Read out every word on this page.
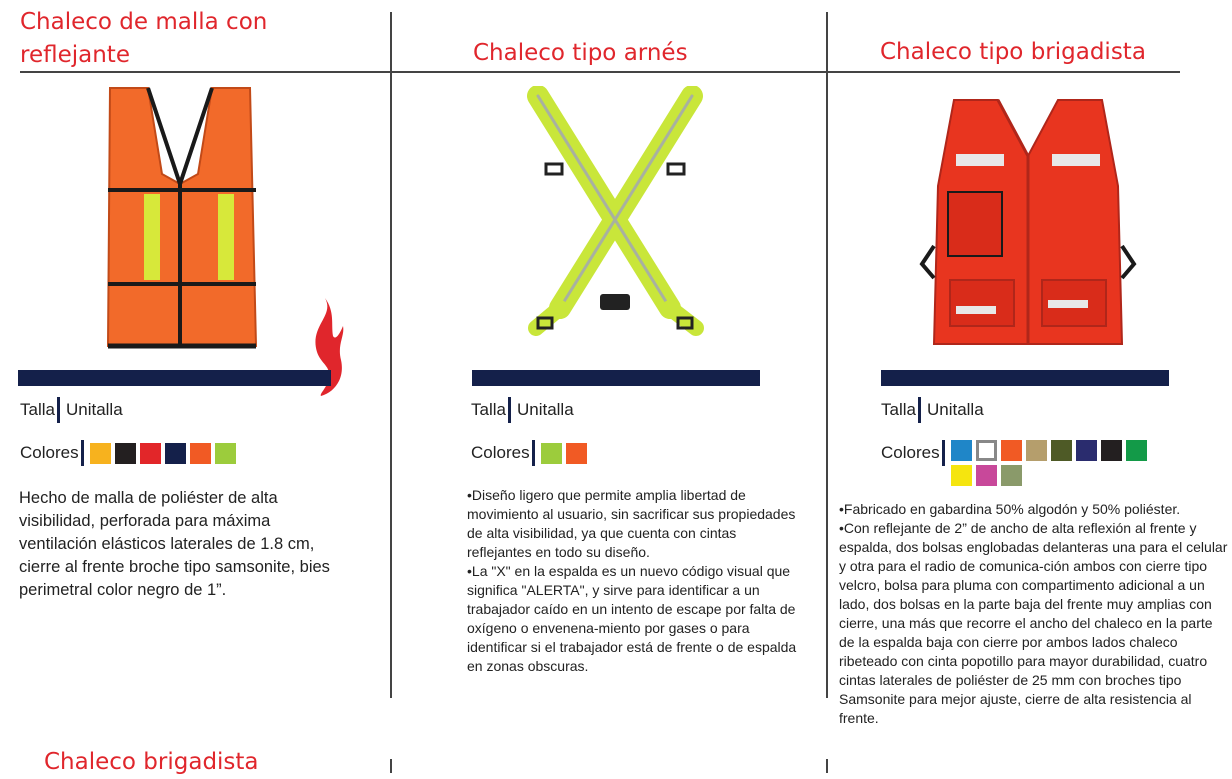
Chaleco de malla con
reflejante
Talla Unitalla
Colores

Hecho de malla de poliéster de alta visibilidad, perforada para máxima ventilación elásticos laterales de 1.8 cm, cierre al frente broche tipo samsonite, bies perimetral color negro de 1”.

Chaleco tipo arnés
Talla Unitalla
Colores

•Diseño ligero que permite amplia libertad de movimiento al usuario, sin sacrificar sus propiedades de alta visibilidad, ya que cuenta con cintas reflejantes en todo su diseño.

•La "X" en la espalda es un nuevo código visual que significa "ALERTA", y sirve para identificar a un trabajador caído en un intento de escape por falta de oxígeno o envenena-miento por gases o para identificar si el trabajador está de frente o de espalda en zonas obscuras.

Chaleco tipo brigadista
Talla Unitalla
Colores

•Fabricado en gabardina 50% algodón y 50% poliéster.

•Con reflejante de 2” de ancho de alta reflexión al frente y espalda, dos bolsas englobadas delanteras una para el celular y otra para el radio de comunica-ción ambos con cierre tipo velcro, bolsa para pluma con compartimento adicional a un lado, dos bolsas en la parte baja del frente muy amplias con cierre, una más que recorre el ancho del chaleco en la parte de la espalda baja con cierre por ambos lados chaleco ribeteado con cinta popotillo para mayor durabilidad, cuatro cintas laterales de poliéster de 25 mm con broches tipo Samsonite para mejor ajuste, cierre de alta resistencia al frente.

Chaleco brigadista
